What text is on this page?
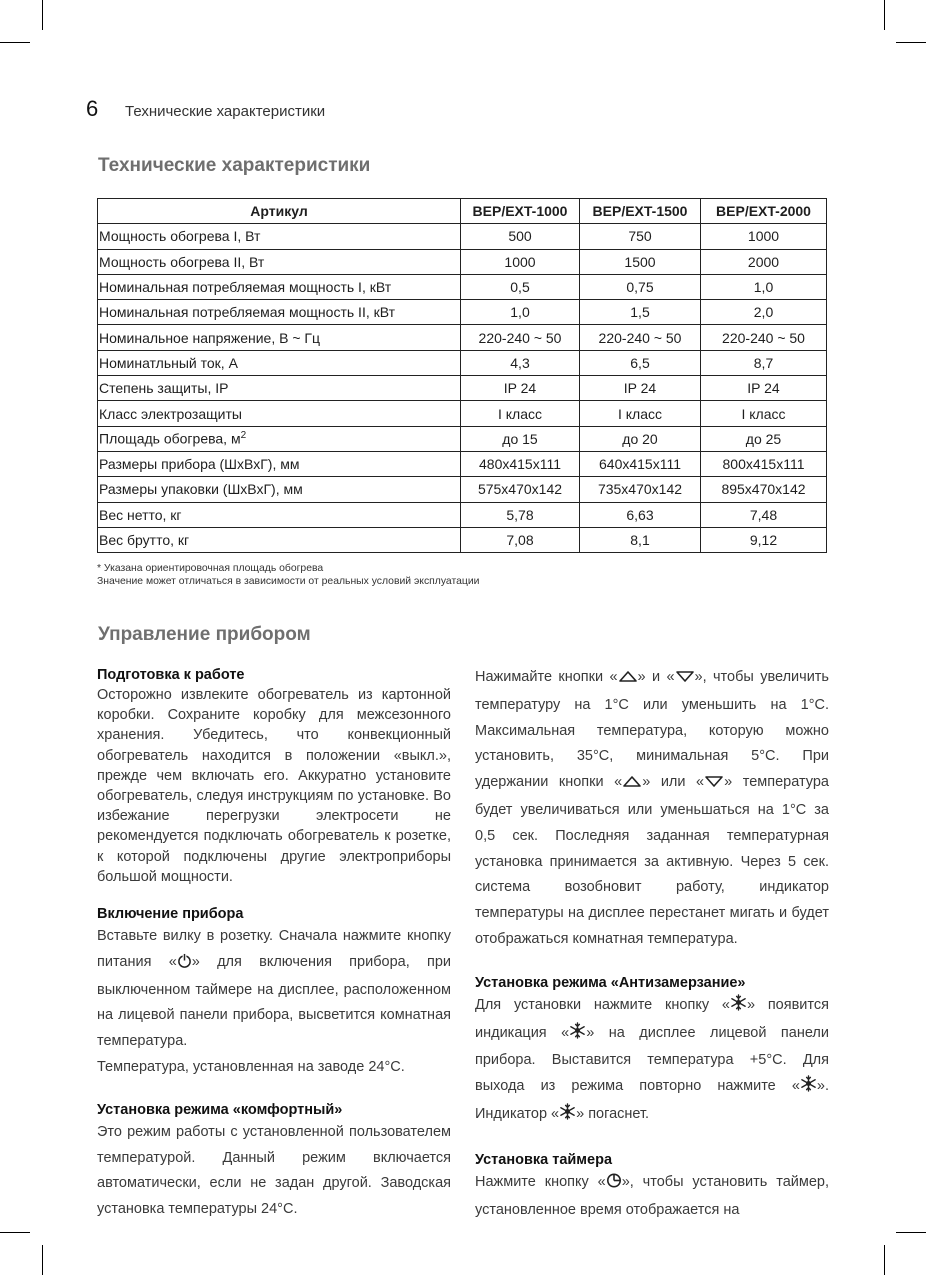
6	Технические характеристики
Технические характеристики
Артикул	BEP/EXT-1000	BEP/EXT-1500	BEP/EXT-2000
Мощность обогрева I, Вт	500	750	1000
Мощность обогрева II, Вт	1000	1500	2000
Номинальная потребляемая мощность I, кВт	0,5	0,75	1,0
Номинальная потребляемая мощность II, кВт	1,0	1,5	2,0
Номинальное напряжение, В ~ Гц	220-240 ~ 50	220-240 ~ 50	220-240 ~ 50
Номинатльный ток, А	4,3	6,5	8,7
Степень защиты, IP	IP 24	IP 24	IP 24
Класс электрозащиты	I класс	I класс	I класс
Площадь обогрева, $м^2$	до 15	до 20	до 25
Размеры прибора (ШхВхГ), мм	480x415x111	640x415x111	800x415x111
Размеры упаковки (ШхВхГ), мм	575x470x142	735x470x142	895x470x142
Вес нетто, кг	5,78	6,63	7,48
Вес брутто, кг	7,08	8,1	9,12
* Указана ориентировочная площадь обогрева
Значение может отличаться в зависимости от реальных условий эксплуатации
Управление прибором
Подготовка к работе

Осторожно извлеките обогреватель из картонной коробки. Сохраните коробку для межсезонного хранения. Убедитесь, что конвекционный обогреватель находится в положении «выкл.», прежде чем включать его. Аккуратно установите обогреватель, следуя инструкциям по установке. Во избежание перегрузки электросети не рекомендуется подключать обогреватель к розетке, к которой подключены другие электроприборы большой мощности.

Включение прибора

Вставьте вилку в розетку. Сначала нажмите кнопку питания « » для включения прибора, при выключенном таймере на дисплее, расположенном на лицевой панели прибора, высветится комнатная температура.

Температура, установленная на заводе 24°С.

Установка режима «комфортный»

Это режим работы с установленной пользователем температурой. Данный режим включается автоматически, если не задан другой. Заводская установка температуры 24°С.

Нажимайте кнопки « » и « », чтобы увеличить температуру на 1°С или уменьшить на 1°С. Максимальная температура, которую можно установить, 35°С, минимальная 5°С. При удержании кнопки « » или « » температура будет увеличиваться или уменьшаться на 1°С за 0,5 сек. Последняя заданная температурная установка принимается за активную. Через 5 сек. система возобновит работу, индикатор температуры на дисплее перестанет мигать и будет отображаться комнатная температура.

Установка режима «Антизамерзание»

Для установки нажмите кнопку « » появится индикация « » на дисплее лицевой панели прибора. Выставится температура +5°С. Для выхода из режима повторно нажмите « ». Индикатор « » погаснет.

Установка таймера

Нажмите кнопку « », чтобы установить таймер, установленное время отображается на
